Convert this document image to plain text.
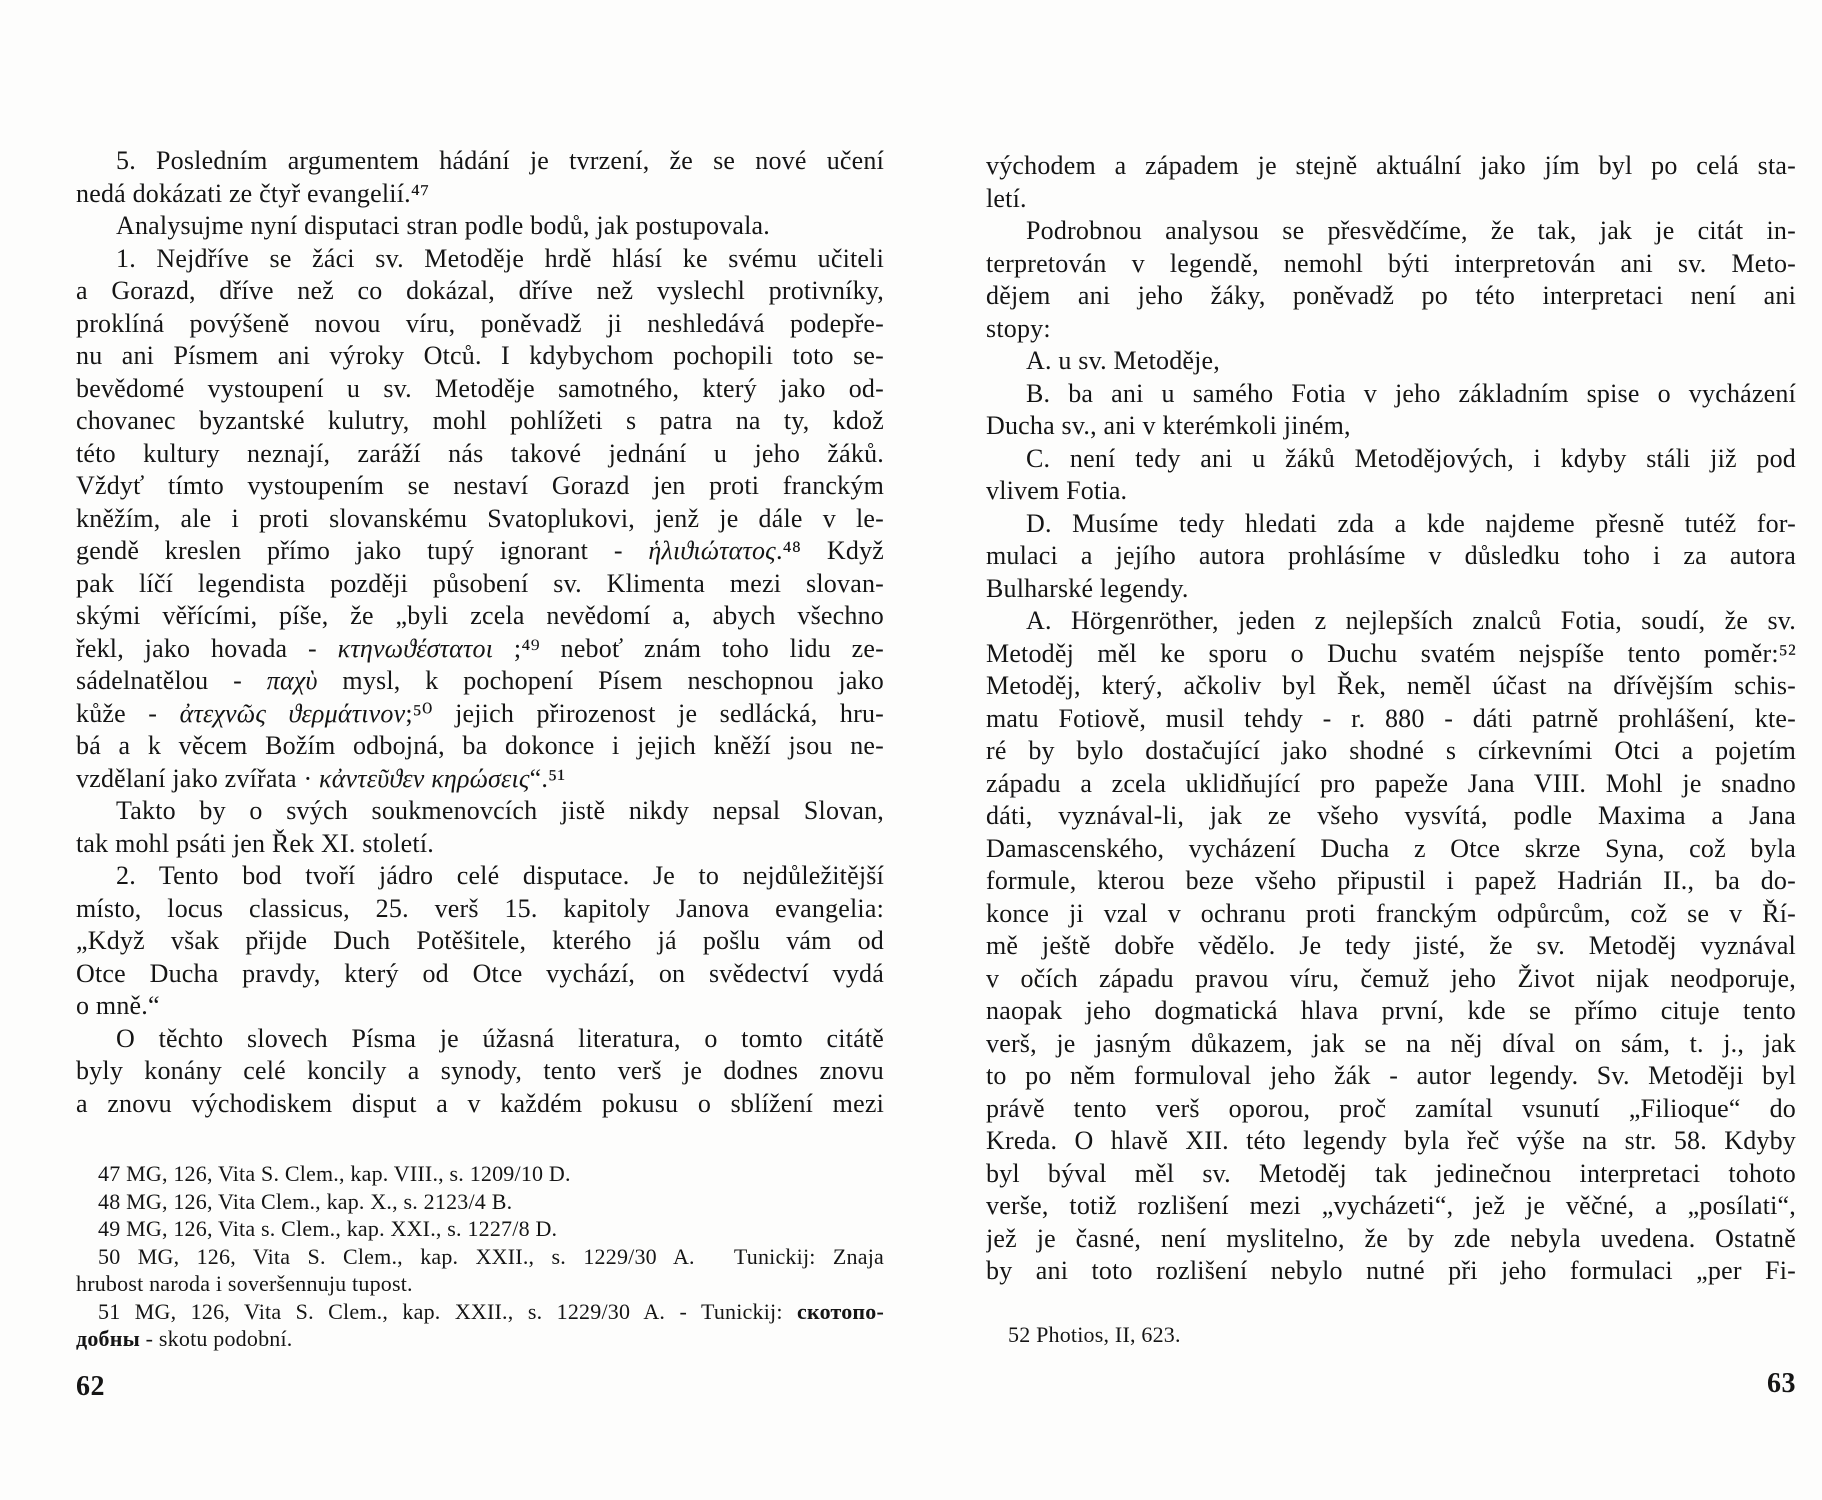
5. Posledním argumentem hádání je tvrzení, že se nové učení
nedá dokázati ze čtyř evangelií.⁴⁷
Analysujme nyní disputaci stran podle bodů, jak postupovala.
1. Nejdříve se žáci sv. Metoděje hrdě hlásí ke svému učiteli
a Gorazd, dříve než co dokázal, dříve než vyslechl protivníky,
proklíná povýšeně novou víru, poněvadž ji neshledává podepře-
nu ani Písmem ani výroky Otců. I kdybychom pochopili toto se-
bevědomé vystoupení u sv. Metoděje samotného, který jako od-
chovanec byzantské kulutry, mohl pohlížeti s patra na ty, kdož
této kultury neznají, zaráží nás takové jednání u jeho žáků.
Vždyť tímto vystoupením se nestaví Gorazd jen proti franckým
kněžím, ale i proti slovanskému Svatoplukovi, jenž je dále v le-
gendě kreslen přímo jako tupý ignorant - ἡλιϑιώτατος.⁴⁸ Když
pak líčí legendista později působení sv. Klimenta mezi slovan-
skými věřícími, píše, že „byli zcela nevědomí a, abych všechno
řekl, jako hovada - κτηνωϑέστατοι ;⁴⁹ neboť znám toho lidu ze-
sádelnatělou - παχὺ mysl, k pochopení Písem neschopnou jako
kůže - ἀτεχνῶς ϑερμάτινον;⁵⁰ jejich přirozenost je sedlácká, hru-
bá a k věcem Božím odbojná, ba dokonce i jejich kněží jsou ne-
vzdělaní jako zvířata · κἀντεῦϑεν κηρώσεις“.⁵¹
Takto by o svých soukmenovcích jistě nikdy nepsal Slovan,
tak mohl psáti jen Řek XI. století.
2. Tento bod tvoří jádro celé disputace. Je to nejdůležitější
místo, locus classicus, 25. verš 15. kapitoly Janova evangelia:
„Když však přijde Duch Potěšitele, kterého já pošlu vám od
Otce Ducha pravdy, který od Otce vychází, on svědectví vydá
o mně.“
O těchto slovech Písma je úžasná literatura, o tomto citátě
byly konány celé koncily a synody, tento verš je dodnes znovu
a znovu východiskem disput a v každém pokusu o sblížení mezi
47 MG, 126, Vita S. Clem., kap. VIII., s. 1209/10 D.
48 MG, 126, Vita Clem., kap. X., s. 2123/4 B.
49 MG, 126, Vita s. Clem., kap. XXI., s. 1227/8 D.
50 MG, 126, Vita S. Clem., kap. XXII., s. 1229/30 A.  Tunickij: Znaja
hrubost naroda i soveršennuju tupost.
51 MG, 126, Vita S. Clem., kap. XXII., s. 1229/30 A. - Tunickij: скотопо-
добны - skotu podobní.
62
východem a západem je stejně aktuální jako jím byl po celá sta-
letí.
Podrobnou analysou se přesvědčíme, že tak, jak je citát in-
terpretován v legendě, nemohl býti interpretován ani sv. Meto-
dějem ani jeho žáky, poněvadž po této interpretaci není ani
stopy:
A. u sv. Metoděje,
B. ba ani u samého Fotia v jeho základním spise o vycházení
Ducha sv., ani v kterémkoli jiném,
C. není tedy ani u žáků Metodějových, i kdyby stáli již pod
vlivem Fotia.
D. Musíme tedy hledati zda a kde najdeme přesně tutéž for-
mulaci a jejího autora prohlásíme v důsledku toho i za autora
Bulharské legendy.
A. Hörgenröther, jeden z nejlepších znalců Fotia, soudí, že sv.
Metoděj měl ke sporu o Duchu svatém nejspíše tento poměr:⁵²
Metoděj, který, ačkoliv byl Řek, neměl účast na dřívějším schis-
matu Fotiově, musil tehdy - r. 880 - dáti patrně prohlášení, kte-
ré by bylo dostačující jako shodné s církevními Otci a pojetím
západu a zcela uklidňující pro papeže Jana VIII. Mohl je snadno
dáti, vyznával-li, jak ze všeho vysvítá, podle Maxima a Jana
Damascenského, vycházení Ducha z Otce skrze Syna, což byla
formule, kterou beze všeho připustil i papež Hadrián II., ba do-
konce ji vzal v ochranu proti franckým odpůrcům, což se v Ří-
mě ještě dobře vědělo. Je tedy jisté, že sv. Metoděj vyznával
v očích západu pravou víru, čemuž jeho Život nijak neodporuje,
naopak jeho dogmatická hlava první, kde se přímo cituje tento
verš, je jasným důkazem, jak se na něj díval on sám, t. j., jak
to po něm formuloval jeho žák - autor legendy. Sv. Metoději byl
právě tento verš oporou, proč zamítal vsunutí „Filioque“ do
Kreda. O hlavě XII. této legendy byla řeč výše na str. 58. Kdyby
byl býval měl sv. Metoděj tak jedinečnou interpretaci tohoto
verše, totiž rozlišení mezi „vycházeti“, jež je věčné, a „posílati“,
jež je časné, není myslitelno, že by zde nebyla uvedena. Ostatně
by ani toto rozlišení nebylo nutné při jeho formulaci „per Fi-
52 Photios, II, 623.
63
